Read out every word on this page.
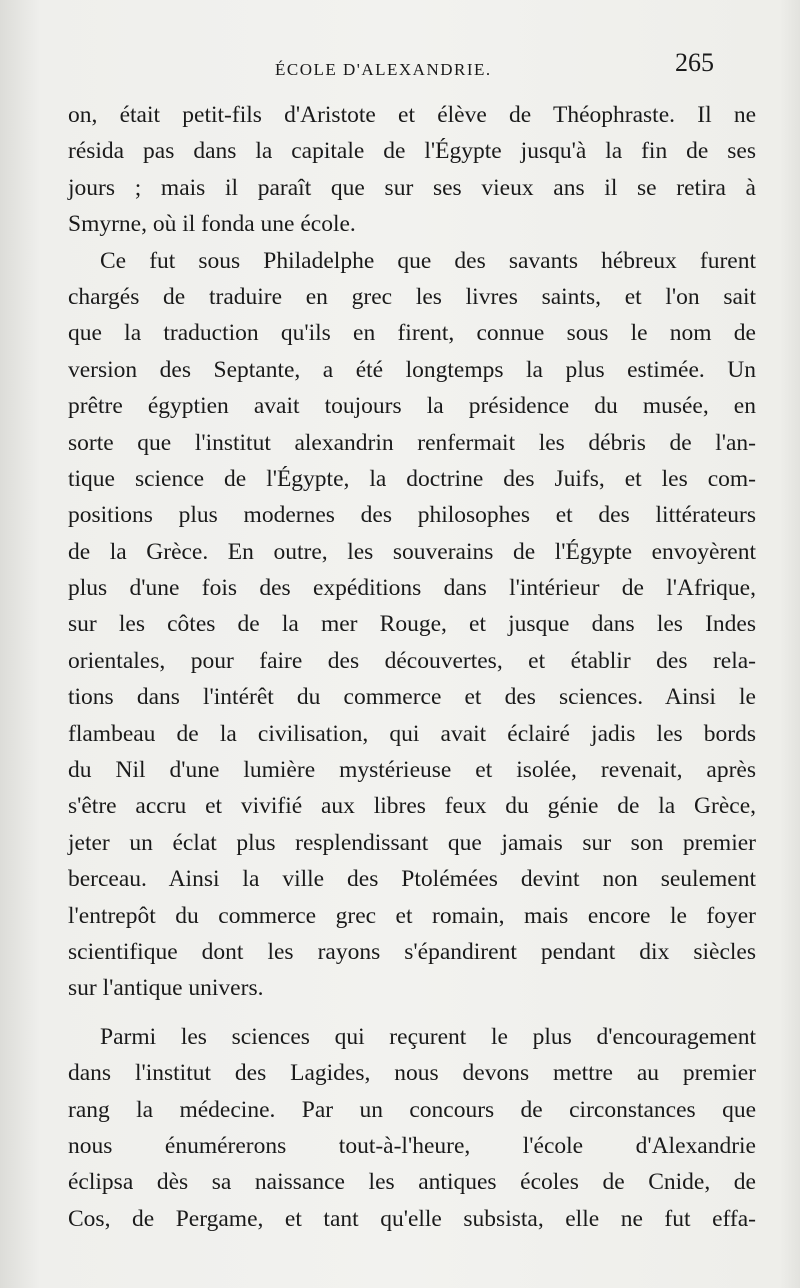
ÉCOLE D'ALEXANDRIE.	265
on, était petit-fils d'Aristote et élève de Théophraste. Il ne
résida pas dans la capitale de l'Égypte jusqu'à la fin de ses
jours ; mais il paraît que sur ses vieux ans il se retira à
Smyrne, où il fonda une école.
Ce fut sous Philadelphe que des savants hébreux furent
chargés de traduire en grec les livres saints, et l'on sait
que la traduction qu'ils en firent, connue sous le nom de
version des Septante, a été longtemps la plus estimée. Un
prêtre égyptien avait toujours la présidence du musée, en
sorte que l'institut alexandrin renfermait les débris de l'an-
tique science de l'Égypte, la doctrine des Juifs, et les com-
positions plus modernes des philosophes et des littérateurs
de la Grèce. En outre, les souverains de l'Égypte envoyèrent
plus d'une fois des expéditions dans l'intérieur de l'Afrique,
sur les côtes de la mer Rouge, et jusque dans les Indes
orientales, pour faire des découvertes, et établir des rela-
tions dans l'intérêt du commerce et des sciences. Ainsi le
flambeau de la civilisation, qui avait éclairé jadis les bords
du Nil d'une lumière mystérieuse et isolée, revenait, après
s'être accru et vivifié aux libres feux du génie de la Grèce,
jeter un éclat plus resplendissant que jamais sur son premier
berceau. Ainsi la ville des Ptolémées devint non seulement
l'entrepôt du commerce grec et romain, mais encore le foyer
scientifique dont les rayons s'épandirent pendant dix siècles
sur l'antique univers.
Parmi les sciences qui reçurent le plus d'encouragement
dans l'institut des Lagides, nous devons mettre au premier
rang la médecine. Par un concours de circonstances que
nous énumérerons tout-à-l'heure, l'école d'Alexandrie
éclipsa dès sa naissance les antiques écoles de Cnide, de
Cos, de Pergame, et tant qu'elle subsista, elle ne fut effa-
